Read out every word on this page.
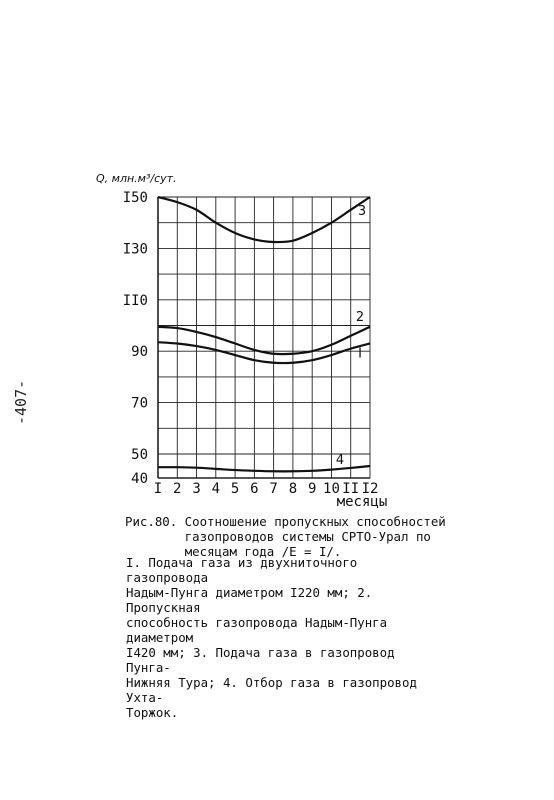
-407-
Q, млн.м³/сут.
40
50
70
90
II0
I30
I50
I 2 3 4 5 6 7 8 9 10 II I2
месяцы
I
2
3
4
Рис.80. Соотношение пропускных способностей
газопроводов системы СРТО-Урал по
месяцам года /Е = I/.
I. Подача газа из двухниточного газопровода
Надым-Пунга диаметром I220 мм; 2. Пропускная
способность газопровода Надым-Пунга диаметром
I420 мм; 3. Подача газа в газопровод Пунга-
Нижняя Тура; 4. Отбор газа в газопровод Ухта-
Торжок.
